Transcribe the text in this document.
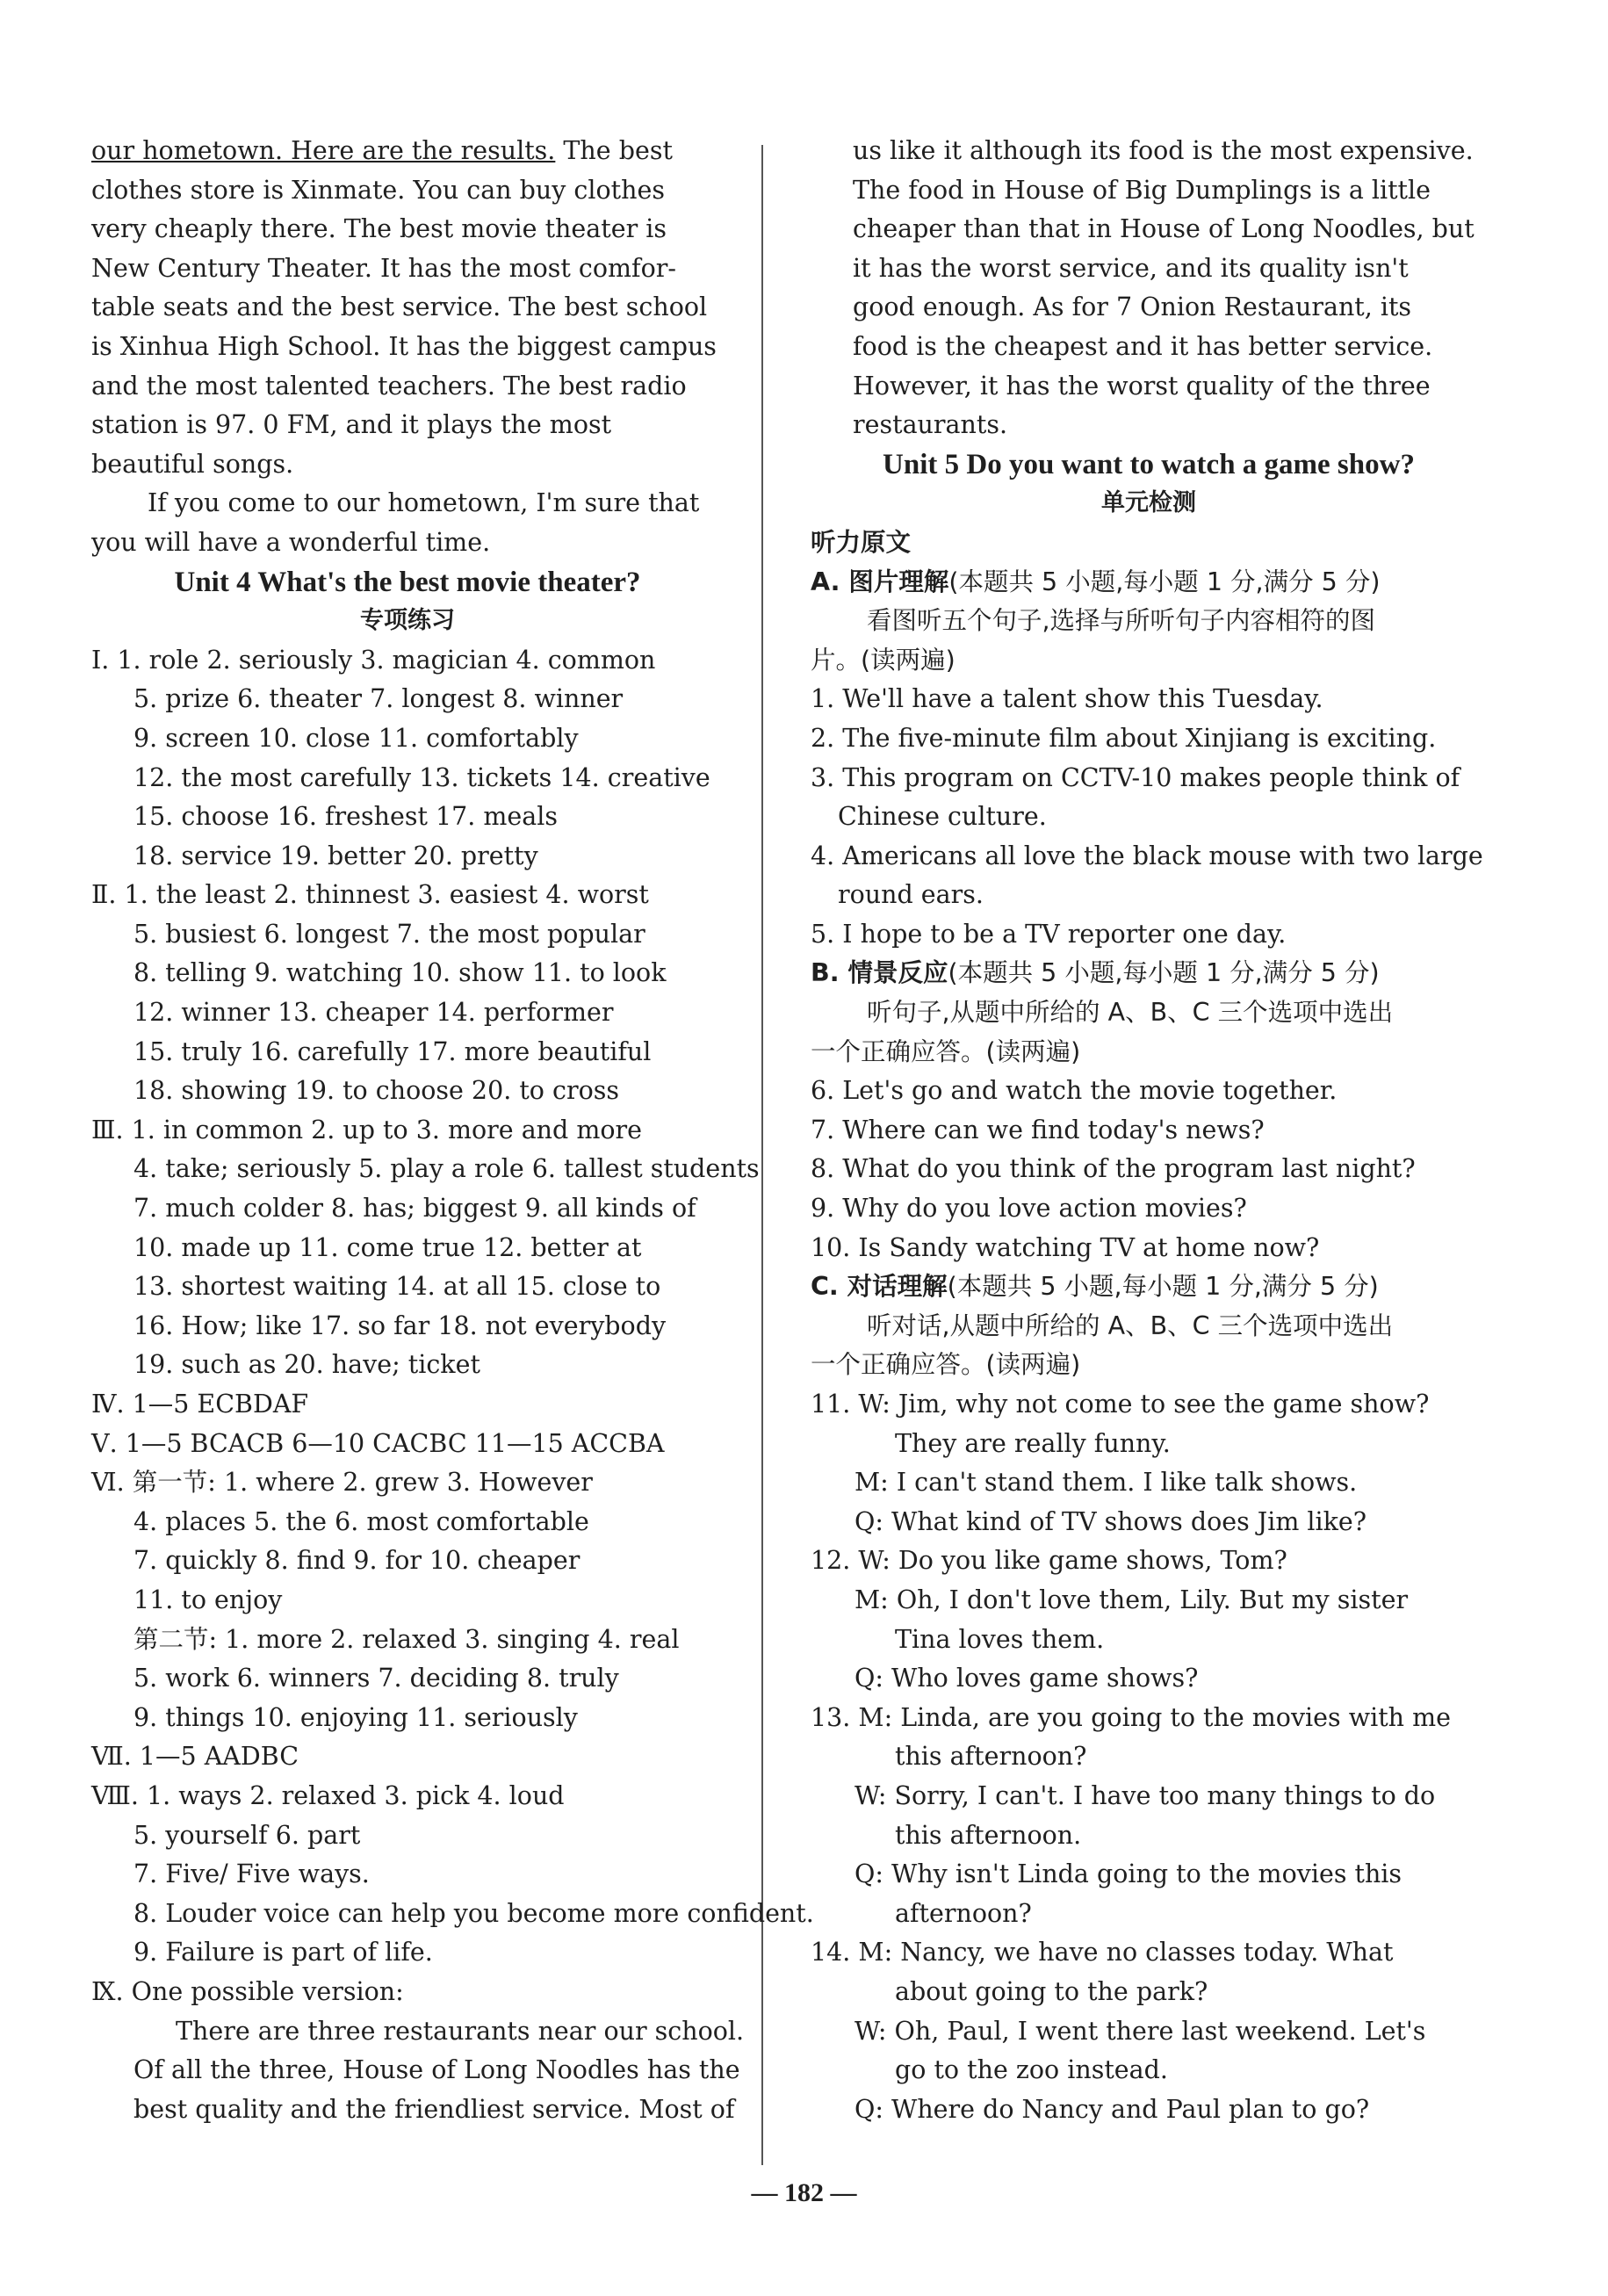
our hometown. Here are the results. The best
clothes store is Xinmate. You can buy clothes
very cheaply there. The best movie theater is
New Century Theater. It has the most comfor-
table seats and the best service. The best school
is Xinhua High School. It has the biggest campus
and the most talented teachers. The best radio
station is 97. 0 FM, and it plays the most
beautiful songs.
If you come to our hometown, I'm sure that
you will have a wonderful time.
Unit 4 What's the best movie theater?
专项练习
Ⅰ. 1. role 2. seriously 3. magician 4. common
5. prize 6. theater 7. longest 8. winner
9. screen 10. close 11. comfortably
12. the most carefully 13. tickets 14. creative
15. choose 16. freshest 17. meals
18. service 19. better 20. pretty
Ⅱ. 1. the least 2. thinnest 3. easiest 4. worst
5. busiest 6. longest 7. the most popular
8. telling 9. watching 10. show 11. to look
12. winner 13. cheaper 14. performer
15. truly 16. carefully 17. more beautiful
18. showing 19. to choose 20. to cross
Ⅲ. 1. in common 2. up to 3. more and more
4. take; seriously 5. play a role 6. tallest students
7. much colder 8. has; biggest 9. all kinds of
10. made up 11. come true 12. better at
13. shortest waiting 14. at all 15. close to
16. How; like 17. so far 18. not everybody
19. such as 20. have; ticket
Ⅳ. 1—5 ECBDAF
Ⅴ. 1—5 BCACB 6—10 CACBC 11—15 ACCBA
Ⅵ. 第一节: 1. where 2. grew 3. However
4. places 5. the 6. most comfortable
7. quickly 8. find 9. for 10. cheaper
11. to enjoy
第二节: 1. more 2. relaxed 3. singing 4. real
5. work 6. winners 7. deciding 8. truly
9. things 10. enjoying 11. seriously
Ⅶ. 1—5 AADBC
Ⅷ. 1. ways 2. relaxed 3. pick 4. loud
5. yourself 6. part
7. Five/ Five ways.
8. Louder voice can help you become more confident.
9. Failure is part of life.
Ⅸ. One possible version:
There are three restaurants near our school.
Of all the three, House of Long Noodles has the
best quality and the friendliest service. Most of
us like it although its food is the most expensive.
The food in House of Big Dumplings is a little
cheaper than that in House of Long Noodles, but
it has the worst service, and its quality isn't
good enough. As for 7 Onion Restaurant, its
food is the cheapest and it has better service.
However, it has the worst quality of the three
restaurants.
Unit 5 Do you want to watch a game show?
单元检测
听力原文
A. 图片理解(本题共 5 小题,每小题 1 分,满分 5 分)
看图听五个句子,选择与所听句子内容相符的图
片。(读两遍)
1. We'll have a talent show this Tuesday.
2. The five-minute film about Xinjiang is exciting.
3. This program on CCTV-10 makes people think of
Chinese culture.
4. Americans all love the black mouse with two large
round ears.
5. I hope to be a TV reporter one day.
B. 情景反应(本题共 5 小题,每小题 1 分,满分 5 分)
听句子,从题中所给的 A、B、C 三个选项中选出
一个正确应答。(读两遍)
6. Let's go and watch the movie together.
7. Where can we find today's news?
8. What do you think of the program last night?
9. Why do you love action movies?
10. Is Sandy watching TV at home now?
C. 对话理解(本题共 5 小题,每小题 1 分,满分 5 分)
听对话,从题中所给的 A、B、C 三个选项中选出
一个正确应答。(读两遍)
11. W: Jim, why not come to see the game show?
They are really funny.
M: I can't stand them. I like talk shows.
Q: What kind of TV shows does Jim like?
12. W: Do you like game shows, Tom?
M: Oh, I don't love them, Lily. But my sister
Tina loves them.
Q: Who loves game shows?
13. M: Linda, are you going to the movies with me
this afternoon?
W: Sorry, I can't. I have too many things to do
this afternoon.
Q: Why isn't Linda going to the movies this
afternoon?
14. M: Nancy, we have no classes today. What
about going to the park?
W: Oh, Paul, I went there last weekend. Let's
go to the zoo instead.
Q: Where do Nancy and Paul plan to go?
— 182 —
